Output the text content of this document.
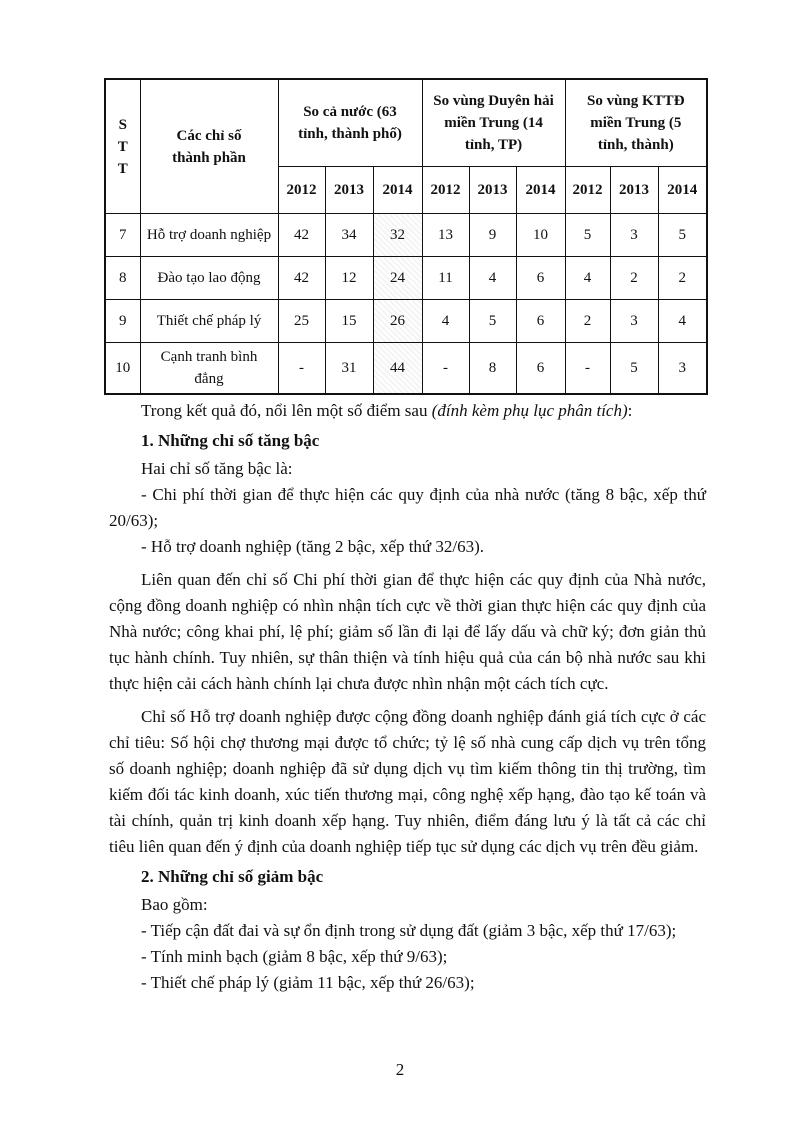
S T T	Các chỉ số thành phần	So cả nước (63 tỉnh, thành phố)			So vùng Duyên hải miền Trung (14 tỉnh, TP)			So vùng KTTĐ miền Trung (5 tỉnh, thành)		
		2012	2013	2014	2012	2013	2014	2012	2013	2014
7	Hỗ trợ doanh nghiệp	42	34	32	13	9	10	5	3	5
8	Đào tạo lao động	42	12	24	11	4	6	4	2	2
9	Thiết chế pháp lý	25	15	26	4	5	6	2	3	4
10	Cạnh tranh bình đẳng	-	31	44	-	8	6	-	5	3

Trong kết quả đó, nổi lên một số điểm sau (đính kèm phụ lục phân tích):

1. Những chỉ số tăng bậc

Hai chỉ số tăng bậc là:

- Chi phí thời gian để thực hiện các quy định của nhà nước (tăng 8 bậc, xếp thứ 20/63);

- Hỗ trợ doanh nghiệp (tăng 2 bậc, xếp thứ 32/63).

Liên quan đến chỉ số Chi phí thời gian để thực hiện các quy định của Nhà nước, cộng đồng doanh nghiệp có nhìn nhận tích cực về thời gian thực hiện các quy định của Nhà nước; công khai phí, lệ phí; giảm số lần đi lại để lấy dấu và chữ ký; đơn giản thủ tục hành chính. Tuy nhiên, sự thân thiện và tính hiệu quả của cán bộ nhà nước sau khi thực hiện cải cách hành chính lại chưa được nhìn nhận một cách tích cực.

Chỉ số Hỗ trợ doanh nghiệp được cộng đồng doanh nghiệp đánh giá tích cực ở các chỉ tiêu: Số hội chợ thương mại được tổ chức; tỷ lệ số nhà cung cấp dịch vụ trên tổng số doanh nghiệp; doanh nghiệp đã sử dụng dịch vụ tìm kiếm thông tin thị trường, tìm kiếm đối tác kinh doanh, xúc tiến thương mại, công nghệ xếp hạng, đào tạo kế toán và tài chính, quản trị kinh doanh xếp hạng. Tuy nhiên, điểm đáng lưu ý là tất cả các chỉ tiêu liên quan đến ý định của doanh nghiệp tiếp tục sử dụng các dịch vụ trên đều giảm.

2. Những chỉ số giảm bậc

Bao gồm:

- Tiếp cận đất đai và sự ổn định trong sử dụng đất (giảm 3 bậc, xếp thứ 17/63);

- Tính minh bạch (giảm 8 bậc, xếp thứ 9/63);

- Thiết chế pháp lý (giảm 11 bậc, xếp thứ 26/63);

2
